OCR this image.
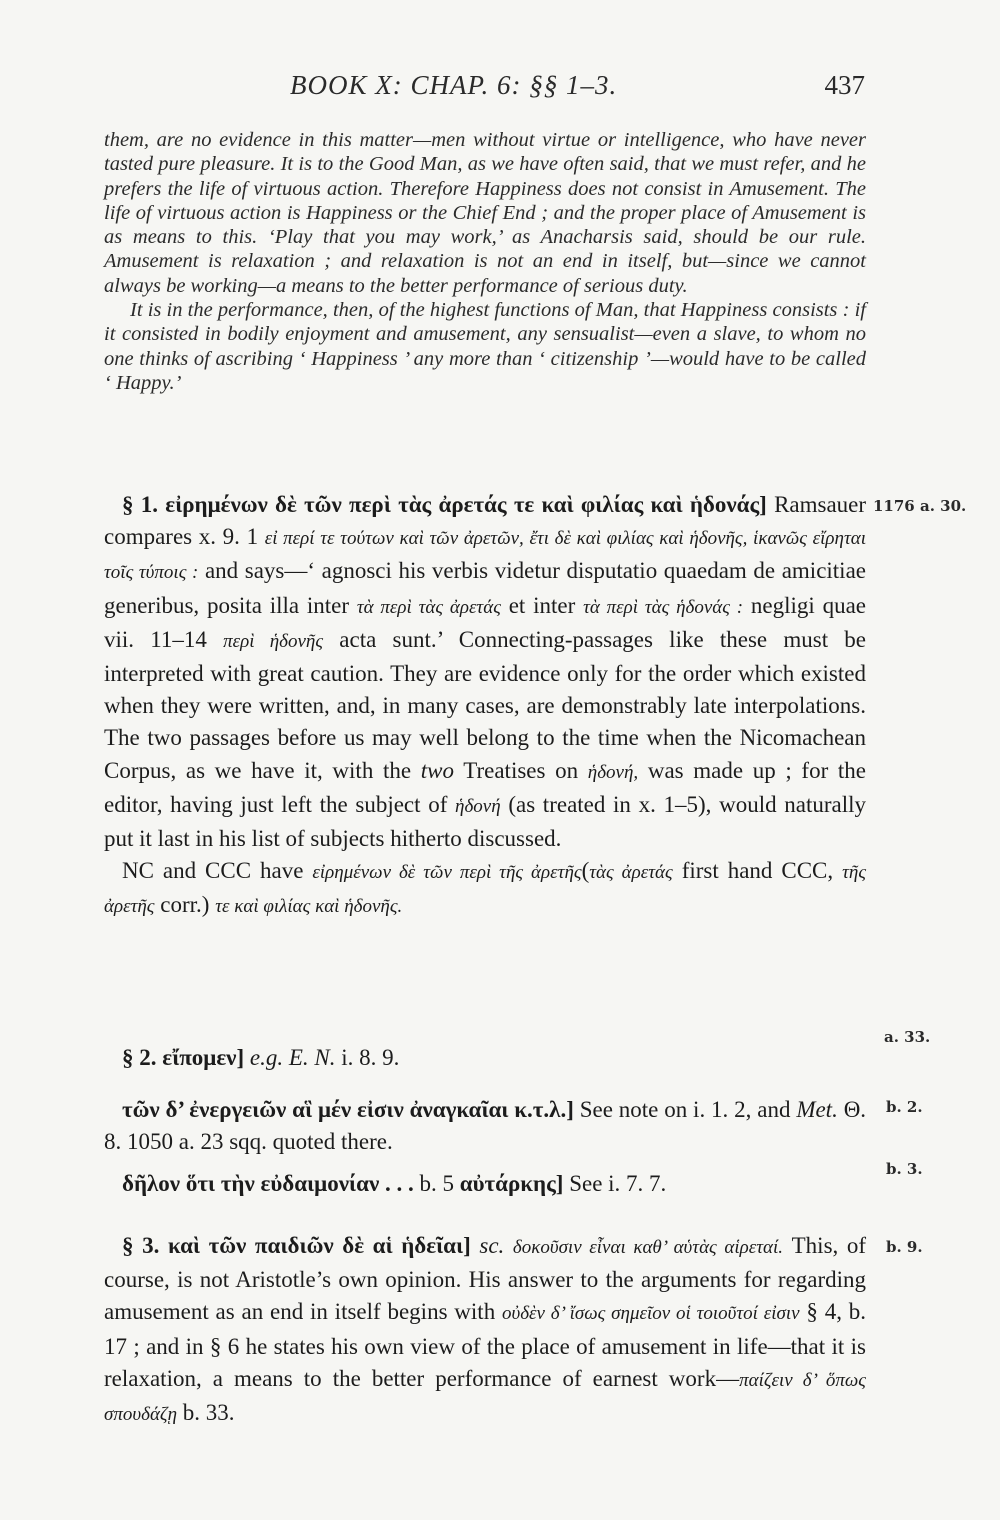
BOOK X: CHAP. 6: §§ 1–3.	437

them, are no evidence in this matter—men without virtue or intelligence, who have never tasted pure pleasure. It is to the Good Man, as we have often said, that we must refer, and he prefers the life of virtuous action. Therefore Happiness does not consist in Amusement. The life of virtuous action is Happiness or the Chief End ; and the proper place of Amusement is as means to this. ‘Play that you may work,’ as Anacharsis said, should be our rule. Amusement is relaxation ; and relaxation is not an end in itself, but—since we cannot always be working—a means to the better performance of serious duty.

It is in the performance, then, of the highest functions of Man, that Happiness consists : if it consisted in bodily enjoyment and amusement, any sensualist—even a slave, to whom no one thinks of ascribing ‘ Happiness ’ any more than ‘ citizenship ’—would have to be called ‘ Happy.’

§ 1. εἰρημένων δὲ τῶν περὶ τὰς ἀρετάς τε καὶ φιλίας καὶ ἡδονάς] Ramsauer compares x. 9. 1 εἰ περί τε τούτων καὶ τῶν ἀρετῶν, ἔτι δὲ καὶ φιλίας καὶ ἡδονῆς, ἱκανῶς εἴρηται τοῖς τύποις : and says—‘ agnosci his verbis videtur disputatio quaedam de amicitiae generibus, posita illa inter τὰ περὶ τὰς ἀρετάς et inter τὰ περὶ τὰς ἡδονάς : negligi quae vii. 11–14 περὶ ἡδονῆς acta sunt.’ Connecting-passages like these must be interpreted with great caution. They are evidence only for the order which existed when they were written, and, in many cases, are demonstrably late interpolations. The two passages before us may well belong to the time when the Nicomachean Corpus, as we have it, with the two Treatises on ἡδονή, was made up ; for the editor, having just left the subject of ἡδονή (as treated in x. 1–5), would naturally put it last in his list of subjects hitherto discussed.

NC and CCC have εἰρημένων δὲ τῶν περὶ τῆς ἀρετῆς(τὰς ἀρετάς first hand CCC, τῆς ἀρετῆς corr.) τε καὶ φιλίας καὶ ἡδονῆς.

§ 2. εἴπομεν] e.g. E. N. i. 8. 9.

τῶν δ’ ἐνεργειῶν αἳ μέν εἰσιν ἀναγκαῖαι κ.τ.λ.] See note on i. 1. 2, and Met. Θ. 8. 1050 a. 23 sqq. quoted there.

δῆλον ὅτι τὴν εὐδαιμονίαν . . . b. 5 αὐτάρκης] See i. 7. 7.

§ 3. καὶ τῶν παιδιῶν δὲ αἱ ἡδεῖαι] sc. δοκοῦσιν εἶναι καθ’ αὑτὰς αἱρεταί. This, of course, is not Aristotle’s own opinion. His answer to the arguments for regarding amusement as an end in itself begins with οὐδὲν δ’ ἴσως σημεῖον οἱ τοιοῦτοί εἰσιν § 4, b. 17 ; and in § 6 he states his own view of the place of amusement in life—that it is relaxation, a means to the better performance of earnest work—παίζειν δ’ ὅπως σπουδάζῃ b. 33.

1176 a. 30.
a. 33.
b. 2.
b. 3.
b. 9.
